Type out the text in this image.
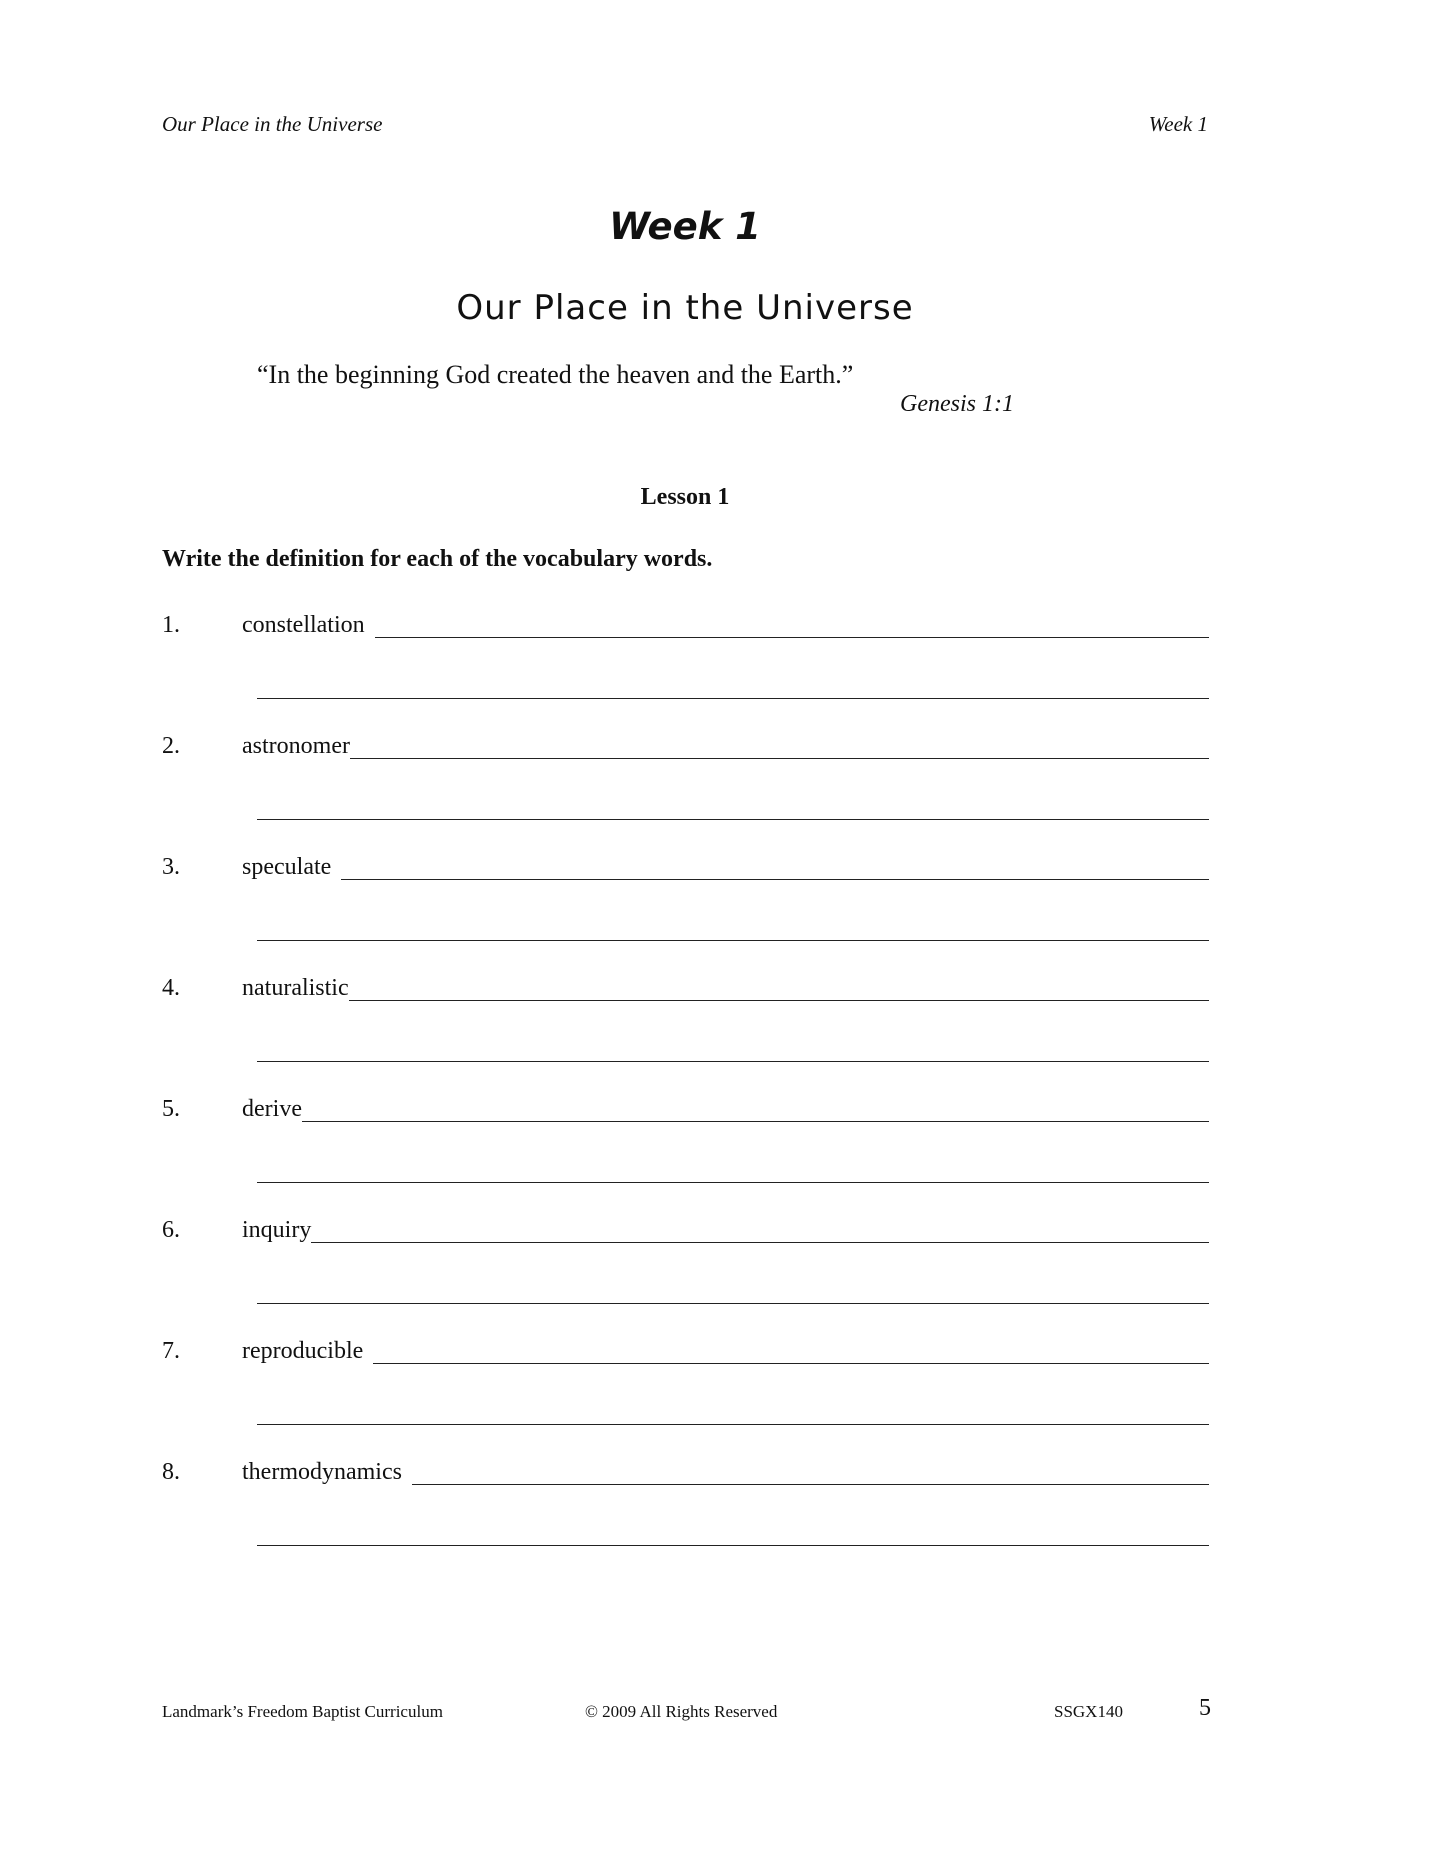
Our Place in the Universe	Week 1
Week 1
Our Place in the Universe
“In the beginning God created the heaven and the Earth.”
Genesis 1:1
Lesson 1
Write the definition for each of the vocabulary words.
1.	constellation
2.	astronomer
3.	speculate
4.	naturalistic
5.	derive
6.	inquiry
7.	reproducible
8.	thermodynamics
Landmark’s Freedom Baptist Curriculum	© 2009 All Rights Reserved	SSGX140	5
